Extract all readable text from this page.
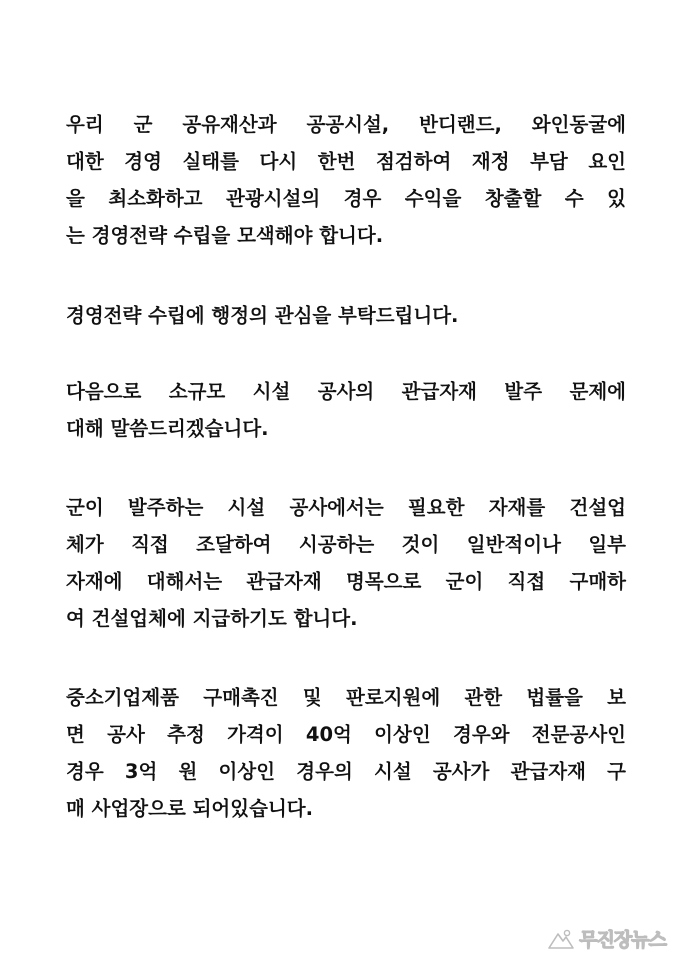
우리 군 공유재산과 공공시설, 반디랜드, 와인동굴에
대한 경영 실태를 다시 한번 점검하여 재정 부담 요인
을 최소화하고 관광시설의 경우 수익을 창출할 수 있
는 경영전략 수립을 모색해야 합니다.
경영전략 수립에 행정의 관심을 부탁드립니다.
다음으로 소규모 시설 공사의 관급자재 발주 문제에
대해 말씀드리겠습니다.
군이 발주하는 시설 공사에서는 필요한 자재를 건설업
체가 직접 조달하여 시공하는 것이 일반적이나 일부
자재에 대해서는 관급자재 명목으로 군이 직접 구매하
여 건설업체에 지급하기도 합니다.
중소기업제품 구매촉진 및 판로지원에 관한 법률을 보
면 공사 추정 가격이 40억 이상인 경우와 전문공사인
경우 3억 원 이상인 경우의 시설 공사가 관급자재 구
매 사업장으로 되어있습니다.
무진장뉴스
